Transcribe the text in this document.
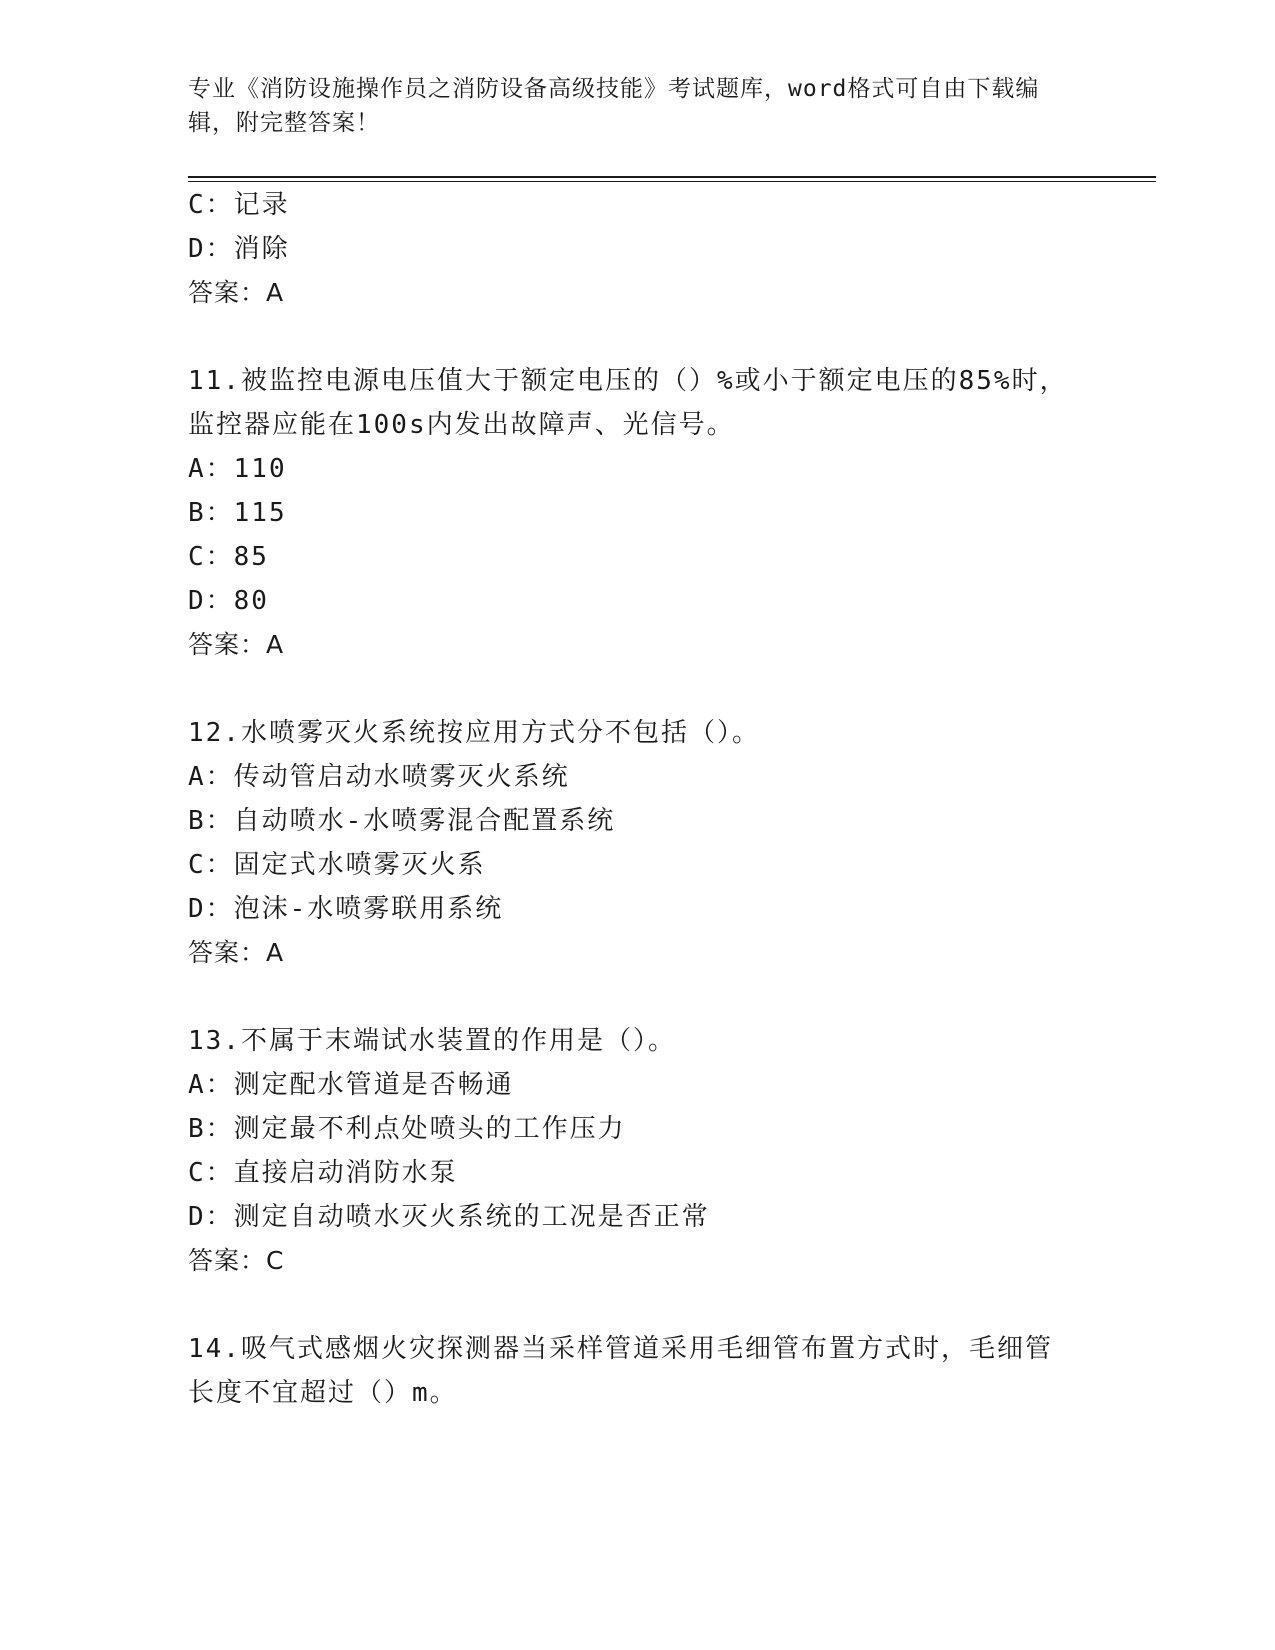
专业《消防设施操作员之消防设备高级技能》考试题库，word格式可自由下载编辑，附完整答案！
C：记录
D：消除
答案：A
11.被监控电源电压值大于额定电压的（）%或小于额定电压的85%时，
监控器应能在100s内发出故障声、光信号。
A：110
B：115
C：85
D：80
答案：A
12.水喷雾灭火系统按应用方式分不包括（）。
A：传动管启动水喷雾灭火系统
B：自动喷水-水喷雾混合配置系统
C：固定式水喷雾灭火系
D：泡沫-水喷雾联用系统
答案：A
13.不属于末端试水装置的作用是（）。
A：测定配水管道是否畅通
B：测定最不利点处喷头的工作压力
C：直接启动消防水泵
D：测定自动喷水灭火系统的工况是否正常
答案：C
14.吸气式感烟火灾探测器当采样管道采用毛细管布置方式时，毛细管
长度不宜超过（）m。
